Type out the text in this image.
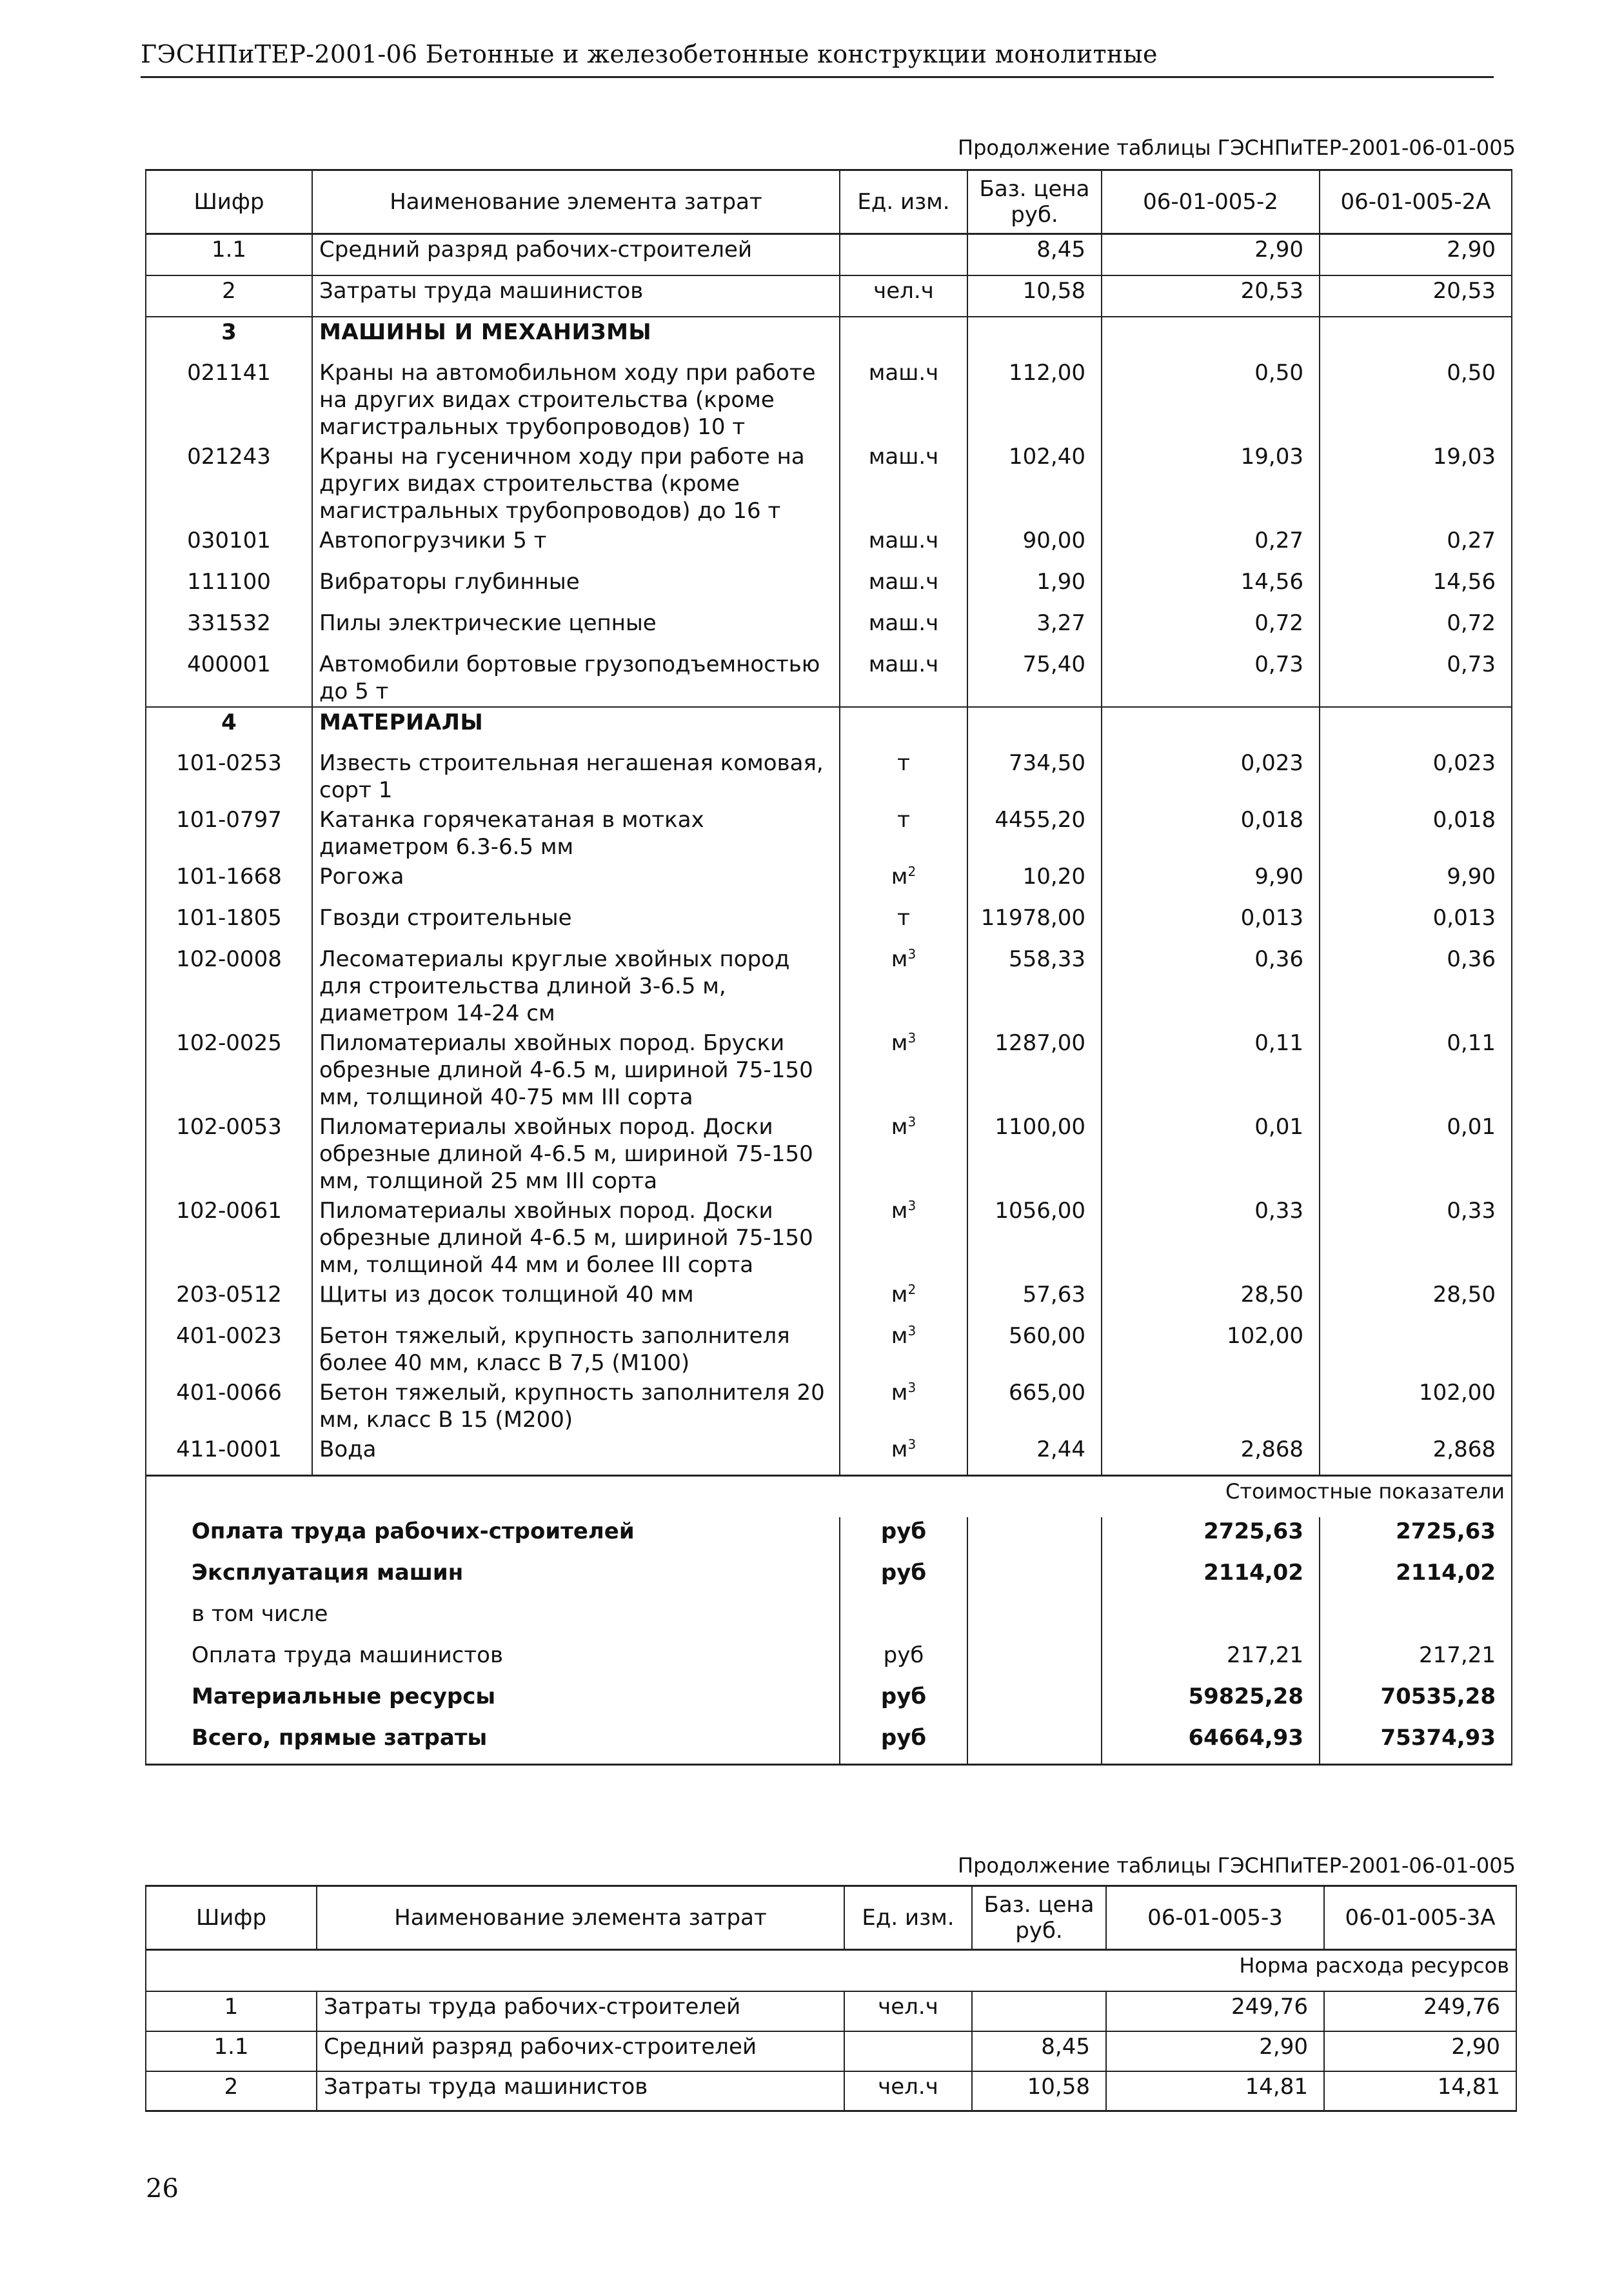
ГЭСНПиТЕР-2001-06 Бетонные и железобетонные конструкции монолитные
Продолжение таблицы ГЭСНПиТЕР-2001-06-01-005
Шифр	Наименование элемента затрат	Ед. изм.	Баз. цена руб.	06-01-005-2	06-01-005-2А
1.1	Средний разряд рабочих-строителей		8,45	2,90	2,90
2	Затраты труда машинистов	чел.ч	10,58	20,53	20,53
3	МАШИНЫ И МЕХАНИЗМЫ				
021141	Краны на автомобильном ходу при работе на других видах строительства (кроме магистральных трубопроводов) 10 т	маш.ч	112,00	0,50	0,50
021243	Краны на гусеничном ходу при работе на других видах строительства (кроме магистральных трубопроводов) до 16 т	маш.ч	102,40	19,03	19,03
030101	Автопогрузчики 5 т	маш.ч	90,00	0,27	0,27
111100	Вибраторы глубинные	маш.ч	1,90	14,56	14,56
331532	Пилы электрические цепные	маш.ч	3,27	0,72	0,72
400001	Автомобили бортовые грузоподъемностью до 5 т	маш.ч	75,40	0,73	0,73
4	МАТЕРИАЛЫ				
101-0253	Известь строительная негашеная комовая, сорт 1	т	734,50	0,023	0,023
101-0797	Катанка горячекатаная в мотках диаметром 6.3-6.5 мм	т	4455,20	0,018	0,018
101-1668	Рогожа	$м^2$	10,20	9,90	9,90
101-1805	Гвозди строительные	т	11978,00	0,013	0,013
102-0008	Лесоматериалы круглые хвойных пород для строительства длиной 3-6.5 м, диаметром 14-24 см	$м^3$	558,33	0,36	0,36
102-0025	Пиломатериалы хвойных пород. Бруски обрезные длиной 4-6.5 м, шириной 75-150 мм, толщиной 40-75 мм III сорта	$м^3$	1287,00	0,11	0,11
102-0053	Пиломатериалы хвойных пород. Доски обрезные длиной 4-6.5 м, шириной 75-150 мм, толщиной 25 мм III сорта	$м^3$	1100,00	0,01	0,01
102-0061	Пиломатериалы хвойных пород. Доски обрезные длиной 4-6.5 м, шириной 75-150 мм, толщиной 44 мм и более III сорта	$м^3$	1056,00	0,33	0,33
203-0512	Щиты из досок толщиной 40 мм	$м^2$	57,63	28,50	28,50
401-0023	Бетон тяжелый, крупность заполнителя более 40 мм, класс В 7,5 (М100)	$м^3$	560,00	102,00	
401-0066	Бетон тяжелый, крупность заполнителя 20 мм, класс В 15 (М200)	$м^3$	665,00		102,00
411-0001	Вода	$м^3$	2,44	2,868	2,868
Стоимостные показатели					
Оплата труда рабочих-строителей		руб		2725,63	2725,63
Эксплуатация машин		руб		2114,02	2114,02
в том числе					
Оплата труда машинистов		руб		217,21	217,21
Материальные ресурсы		руб		59825,28	70535,28
Всего, прямые затраты		руб		64664,93	75374,93
Продолжение таблицы ГЭСНПиТЕР-2001-06-01-005
Шифр	Наименование элемента затрат	Ед. изм.	Баз. цена руб.	06-01-005-3	06-01-005-3А
Норма расхода ресурсов					
1	Затраты труда рабочих-строителей	чел.ч		249,76	249,76
1.1	Средний разряд рабочих-строителей		8,45	2,90	2,90
2	Затраты труда машинистов	чел.ч	10,58	14,81	14,81
26
